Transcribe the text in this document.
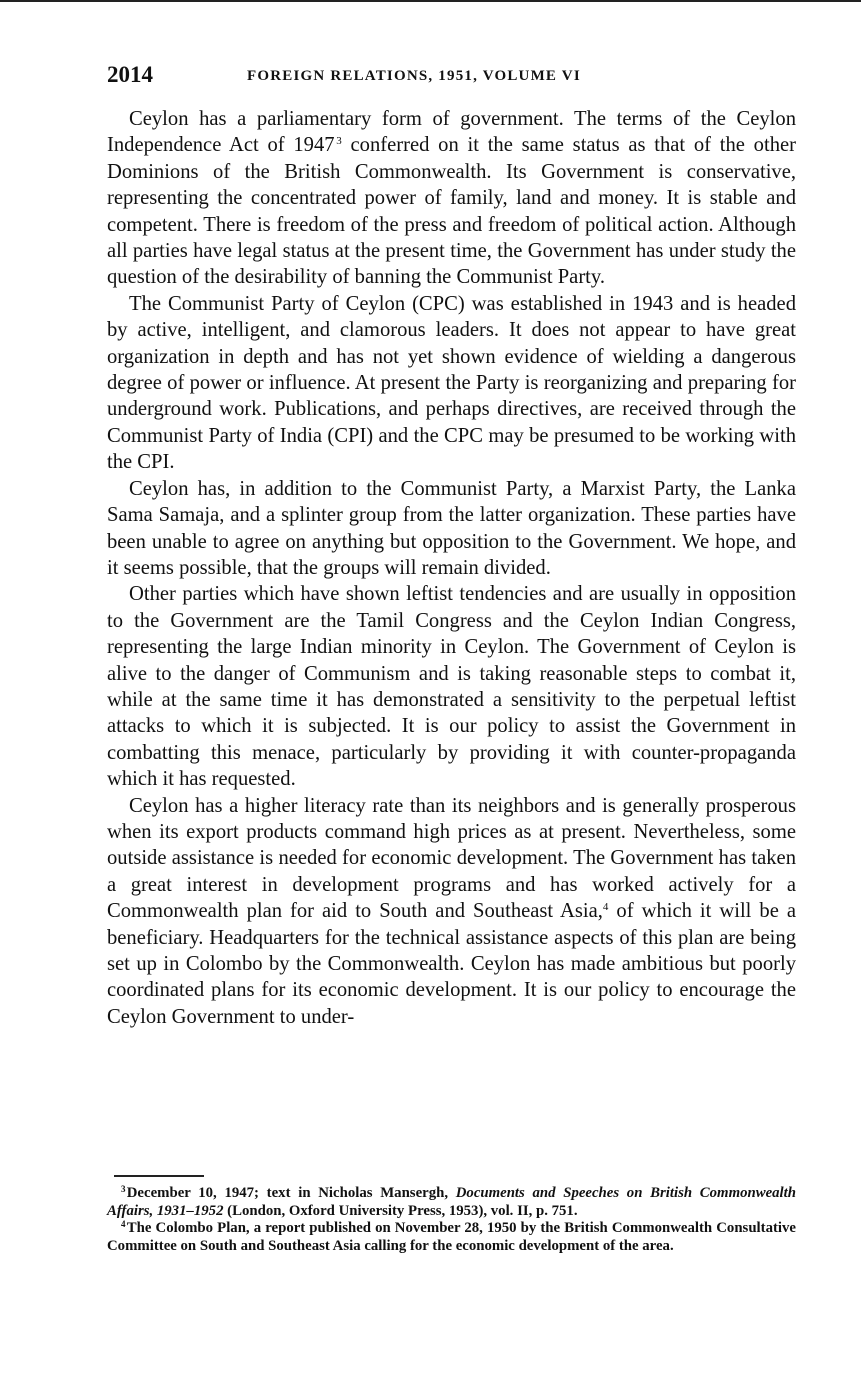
2014	FOREIGN RELATIONS, 1951, VOLUME VI

Ceylon has a parliamentary form of government. The terms of the Ceylon Independence Act of 1947  $^3$ conferred on it the same status as that of the other Dominions of the British Commonwealth. Its Government is conservative, representing the concentrated power of family, land and money. It is stable and competent. There is freedom of the press and freedom of political action. Although all parties have legal status at the present time, the Government has under study the question of the desirability of banning the Communist Party.

The Communist Party of Ceylon (CPC) was established in 1943 and is headed by active, intelligent, and clamorous leaders. It does not appear to have great organization in depth and has not yet shown evidence of wielding a dangerous degree of power or influence. At present the Party is reorganizing and preparing for underground work. Publications, and perhaps directives, are received through the Communist Party of India (CPI) and the CPC may be presumed to be working with the CPI.

Ceylon has, in addition to the Communist Party, a Marxist Party, the Lanka Sama Samaja, and a splinter group from the latter organization. These parties have been unable to agree on anything but opposition to the Government. We hope, and it seems possible, that the groups will remain divided.

Other parties which have shown leftist tendencies and are usually in opposition to the Government are the Tamil Congress and the Ceylon Indian Congress, representing the large Indian minority in Ceylon. The Government of Ceylon is alive to the danger of Communism and is taking reasonable steps to combat it, while at the same time it has demonstrated a sensitivity to the perpetual leftist attacks to which it is subjected. It is our policy to assist the Government in combatting this menace, particularly by providing it with counter-propaganda which it has requested.

Ceylon has a higher literacy rate than its neighbors and is generally prosperous when its export products command high prices as at present. Nevertheless, some outside assistance is needed for economic development. The Government has taken a great interest in development programs and has worked actively for a Commonwealth plan for aid to South and Southeast Asia,$^4$ of which it will be a beneficiary. Headquarters for the technical assistance aspects of this plan are being set up in Colombo by the Commonwealth. Ceylon has made ambitious but poorly coordinated plans for its economic development. It is our policy to encourage the Ceylon Government to under-

$^3$ December 10, 1947; text in Nicholas Mansergh, Documents and Speeches on British Commonwealth Affairs, 1931–1952 (London, Oxford University Press, 1953), vol. II, p. 751.

$^4$ The Colombo Plan, a report published on November 28, 1950 by the British Commonwealth Consultative Committee on South and Southeast Asia calling for the economic development of the area.
